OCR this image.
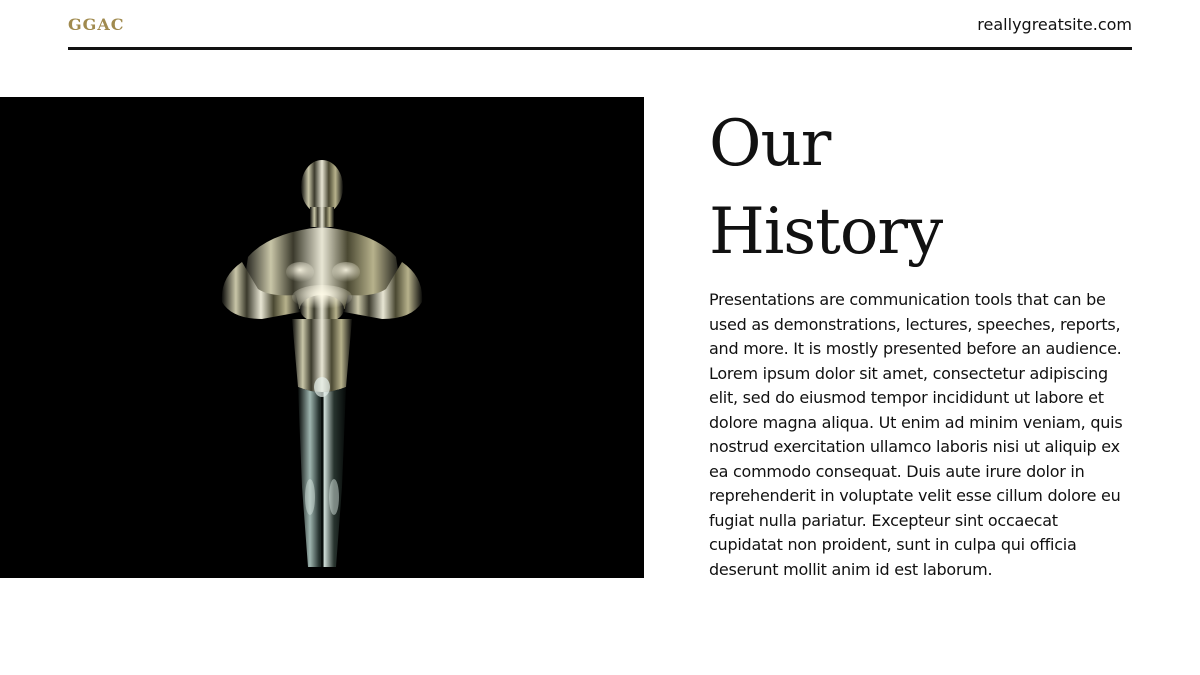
GGAC	reallygreatsite.com
Our
History

Presentations are communication tools that can be used as demonstrations, lectures, speeches, reports, and more. It is mostly presented before an audience. Lorem ipsum dolor sit amet, consectetur adipiscing elit, sed do eiusmod tempor incididunt ut labore et dolore magna aliqua. Ut enim ad minim veniam, quis nostrud exercitation ullamco laboris nisi ut aliquip ex ea commodo consequat. Duis aute irure dolor in reprehenderit in voluptate velit esse cillum dolore eu fugiat nulla pariatur. Excepteur sint occaecat cupidatat non proident, sunt in culpa qui officia deserunt mollit anim id est laborum.
